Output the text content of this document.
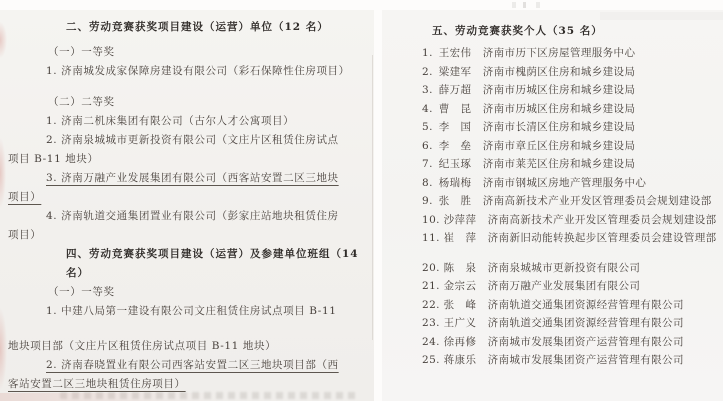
二、劳动竞赛获奖项目建设（运营）单位（12 名）
（一）一等奖
1. 济南城发成家保障房建设有限公司（彩石保障性住房项目）
（二）二等奖
1. 济南二机床集团有限公司（古尔人才公寓项目）
2. 济南泉城城市更新投资有限公司（文庄片区租赁住房试点
项目 B-11 地块）
3. 济南万融产业发展集团有限公司（西客站安置二区三地块
项目）
4. 济南轨道交通集团置业有限公司（彭家庄站地块租赁住房
项目）
四、劳动竞赛获奖项目建设（运营）及参建单位班组（14
名）
（一）一等奖
1. 中建八局第一建设有限公司文庄租赁住房试点项目 B-11
地块项目部（文庄片区租赁住房试点项目 B-11 地块）
2. 济南春晓置业有限公司西客站安置二区三地块项目部（西
客站安置二区三地块租赁住房项目）
五、劳动竞赛获奖个人（35 名）
1. 王宏伟 济南市历下区房屋管理服务中心
2. 梁建军 济南市槐荫区住房和城乡建设局
3. 薛万超 济南市历城区住房和城乡建设局
4. 曹　昆 济南市历城区住房和城乡建设局
5. 李　国 济南市长清区住房和城乡建设局
6. 李　垒 济南市章丘区住房和城乡建设局
7. 纪玉琢 济南市莱芜区住房和城乡建设局
8. 杨瑞梅 济南市钢城区房地产管理服务中心
9. 张　胜 济南高新技术产业开发区管理委员会规划建设部
10. 沙萍萍 济南高新技术产业开发区管理委员会规划建设部
11. 崔　萍 济南新旧动能转换起步区管理委员会建设管理部
20. 陈　泉 济南泉城城市更新投资有限公司
21. 金宗云 济南万融产业发展集团有限公司
22. 张　峰 济南轨道交通集团资源经营管理有限公司
23. 王广义 济南轨道交通集团资源经营管理有限公司
24. 徐再修 济南城市发展集团资产运营管理有限公司
25. 蒋康乐 济南城市发展集团资产运营管理有限公司
